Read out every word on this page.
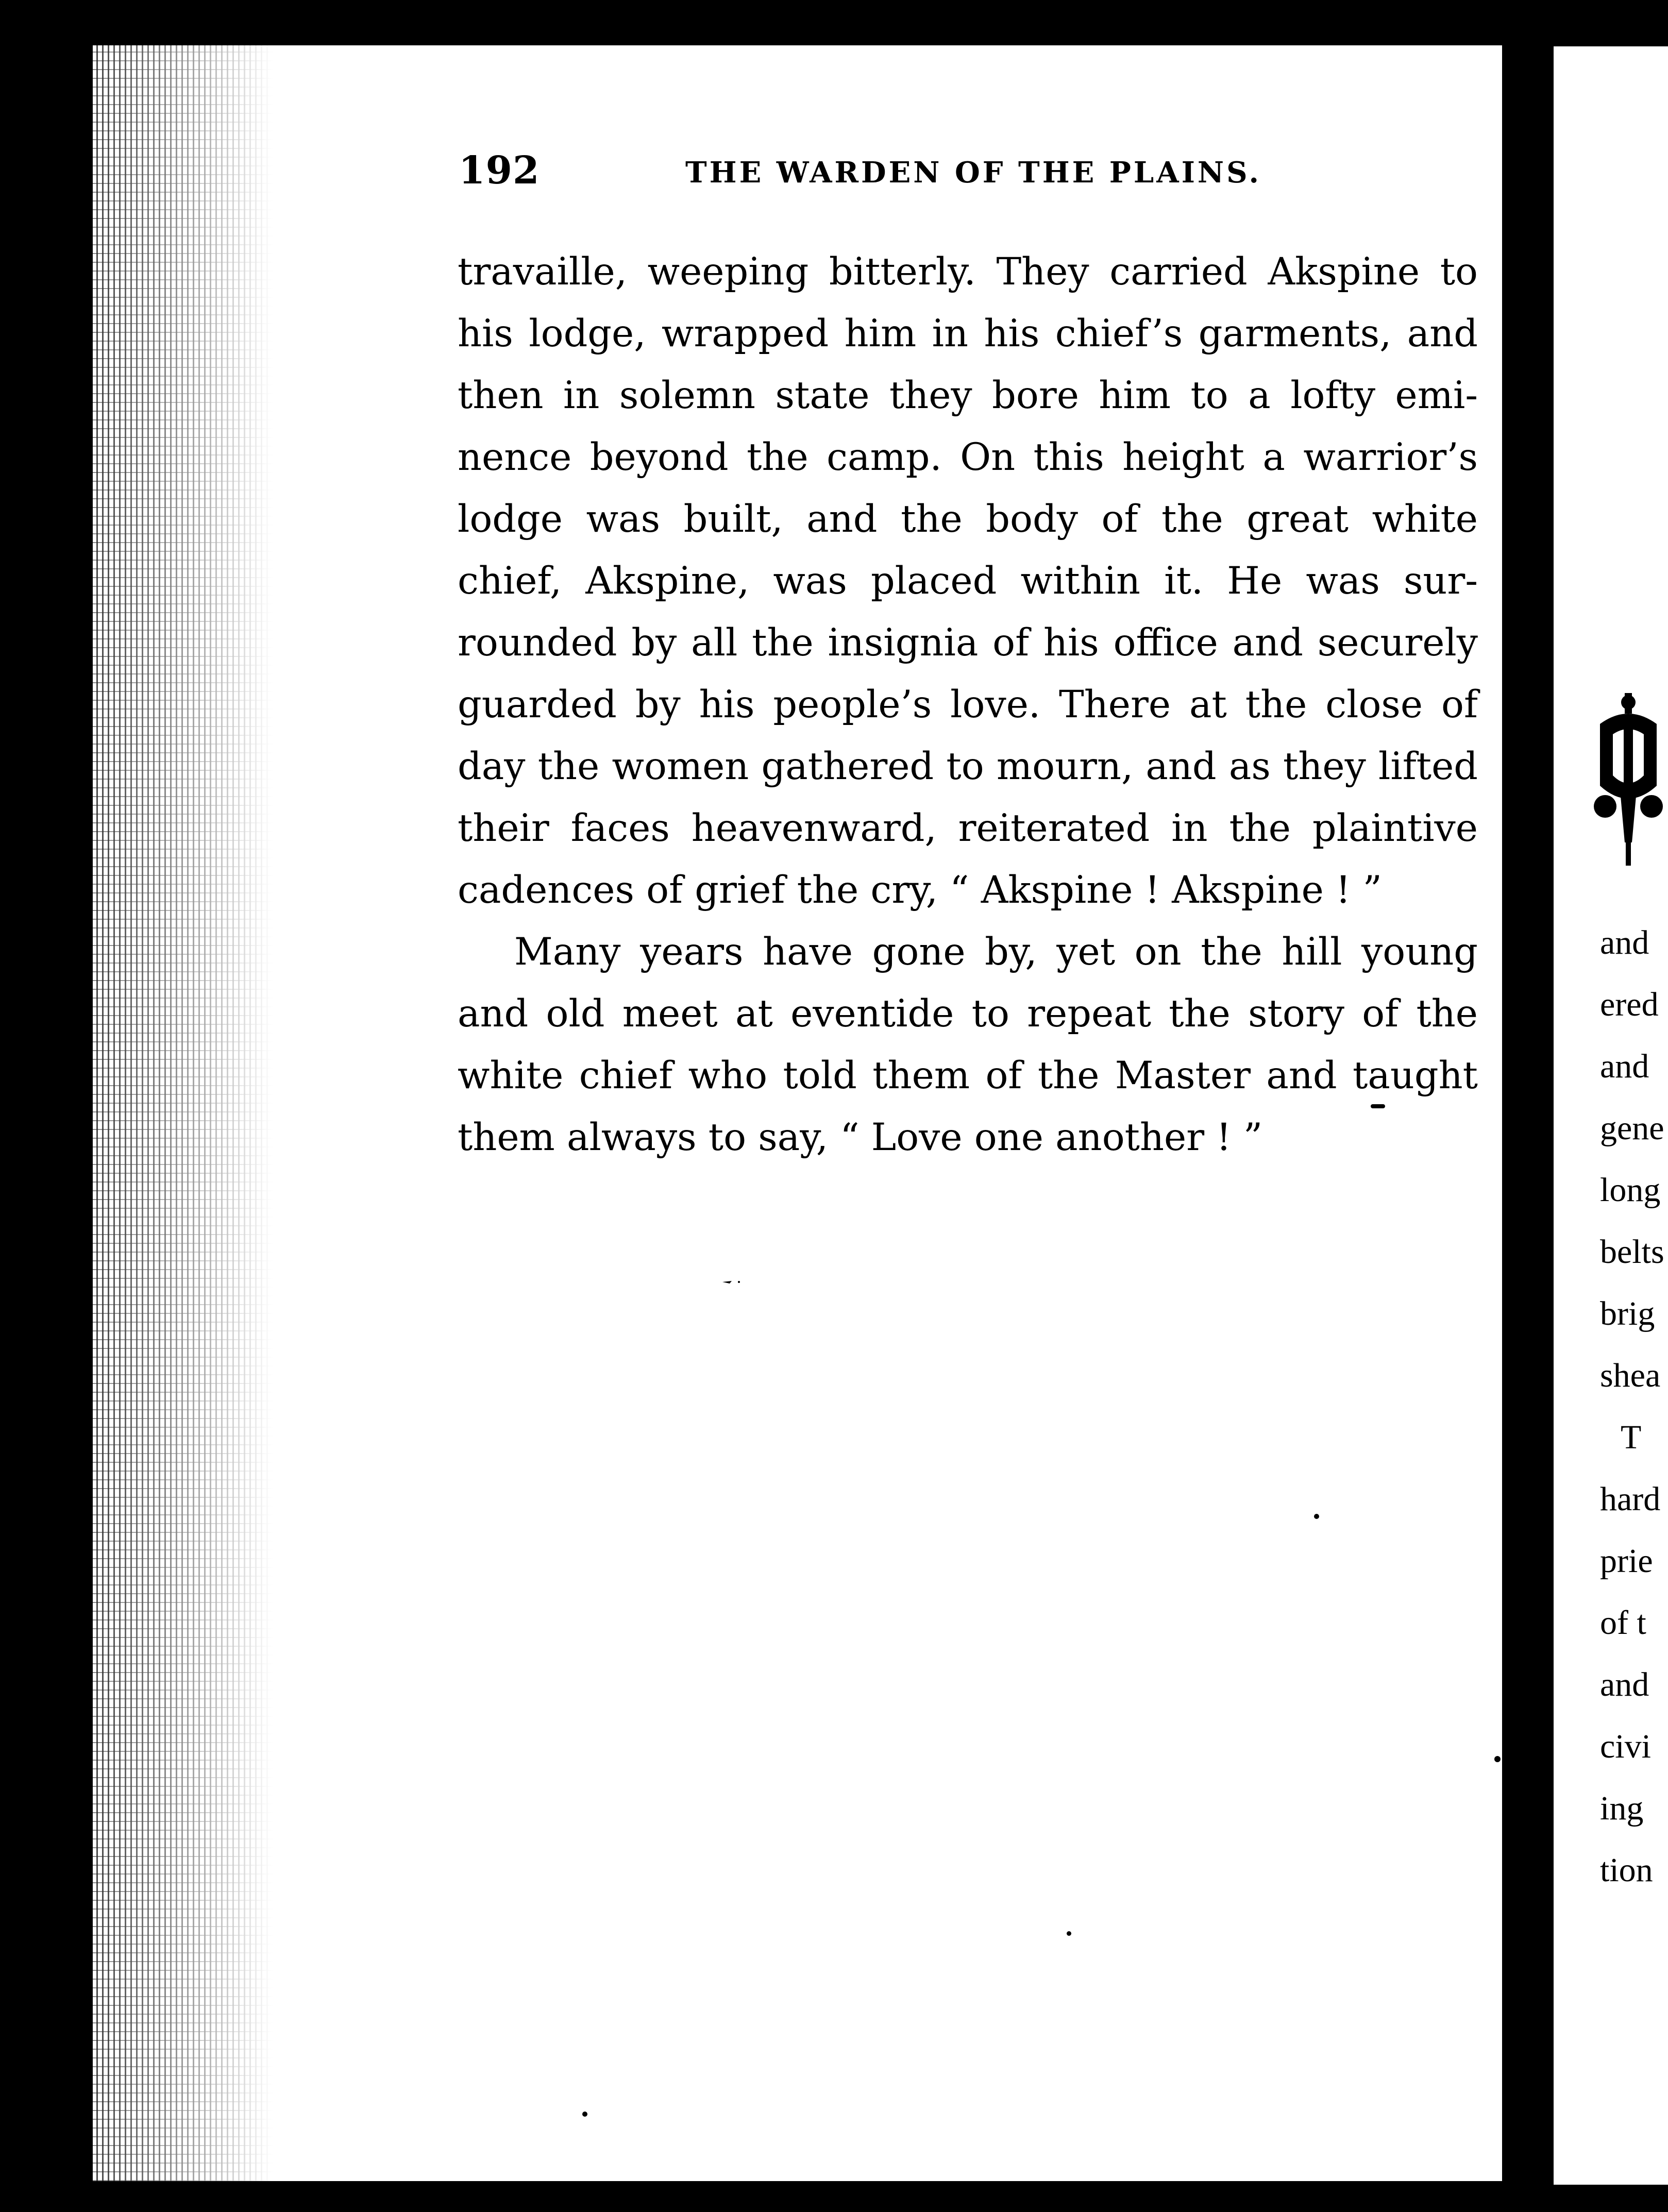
192	THE WARDEN OF THE PLAINS.
travaille, weeping bitterly. They carried Akspine to
his lodge, wrapped him in his chief’s garments, and
then in solemn state they bore him to a lofty emi-
nence beyond the camp. On this height a warrior’s
lodge was built, and the body of the great white
chief, Akspine, was placed within it. He was sur-
rounded by all the insignia of his office and securely
guarded by his people’s love. There at the close of
day the women gathered to mourn, and as they lifted
their faces heavenward, reiterated in the plaintive
cadences of grief the cry, “ Akspine ! Akspine ! ”
Many years have gone by, yet on the hill young
and old meet at eventide to repeat the story of the
white chief who told them of the Master and taught
them always to say, “ Love one another ! ”
and
ered
and
gene
long
belts
brig
shea
T
hard
prie
of t
and
civi
ing
tion
